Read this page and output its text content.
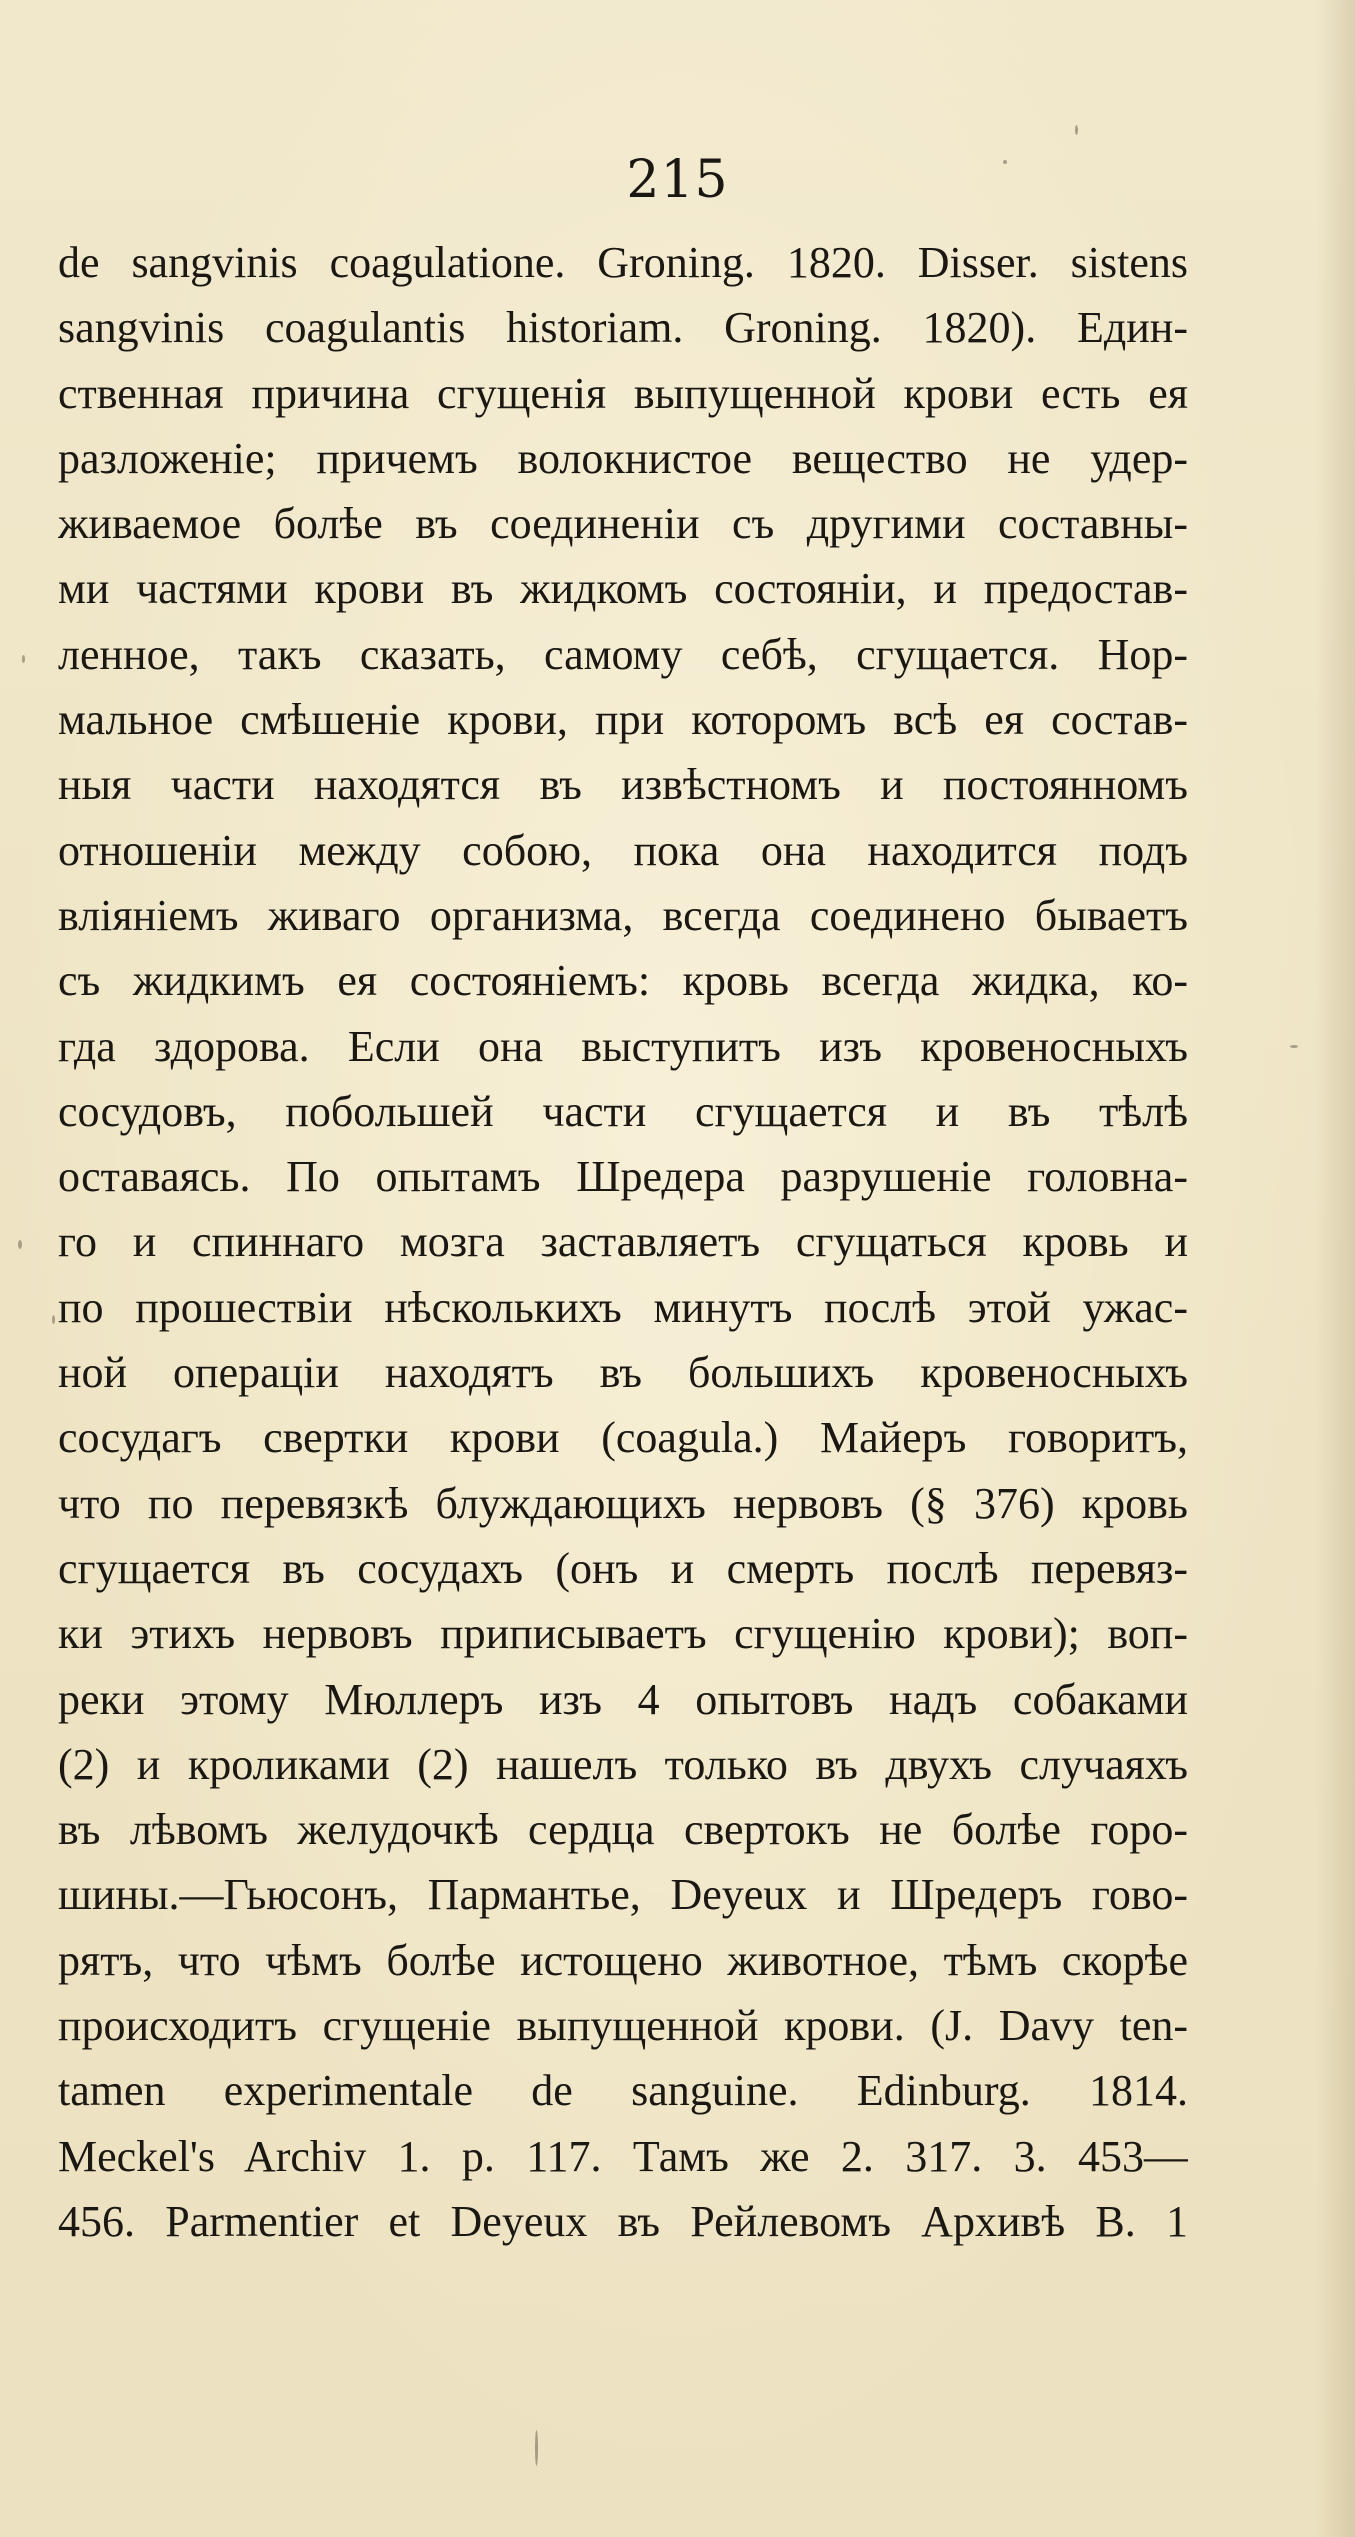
215
de sangvinis coagulatione. Groning. 1820. Disser. sistens
sangvinis coagulantis historiam. Groning. 1820). Един-
ственная причина сгущенія выпущенной крови есть ея
разложеніе; причемъ волокнистое вещество не удер-
живаемое болѣе въ соединеніи съ другими составны-
ми частями крови въ жидкомъ состояніи, и предостав-
ленное, такъ сказать, самому себѣ, сгущается. Нор-
мальное смѣшеніе крови, при которомъ всѣ ея состав-
ныя части находятся въ извѣстномъ и постоянномъ
отношеніи между собою, пока она находится подъ
вліяніемъ живаго организма, всегда соединено бываетъ
съ жидкимъ ея состояніемъ: кровь всегда жидка, ко-
гда здорова. Если она выступитъ изъ кровеносныхъ
сосудовъ, побольшей части сгущается и въ тѣлѣ
оставаясь. По опытамъ Шредера разрушеніе головна-
го и спиннаго мозга заставляетъ сгущаться кровь и
по прошествіи нѣсколькихъ минутъ послѣ этой ужас-
ной операціи находятъ въ большихъ кровеносныхъ
сосудагъ свертки крови (coagula.) Майеръ говоритъ,
что по перевязкѣ блуждающихъ нервовъ (§ 376) кровь
сгущается въ сосудахъ (онъ и смерть послѣ перевяз-
ки этихъ нервовъ приписываетъ сгущенію крови); воп-
реки этому Мюллеръ изъ 4 опытовъ надъ собаками
(2) и кроликами (2) нашелъ только въ двухъ случаяхъ
въ лѣвомъ желудочкѣ сердца свертокъ не болѣе горо-
шины.—Гьюсонъ, Пармантье, Deyeux и Шредеръ гово-
рятъ, что чѣмъ болѣе истощено животное, тѣмъ скорѣе
происходитъ сгущеніе выпущенной крови. (J. Davy ten-
tamen experimentale de sanguine. Edinburg. 1814.
Meckel's Archiv 1. p. 117. Тамъ же 2. 317. 3. 453—
456. Parmentier et Deyeux въ Рейлевомъ Архивѣ B. 1
